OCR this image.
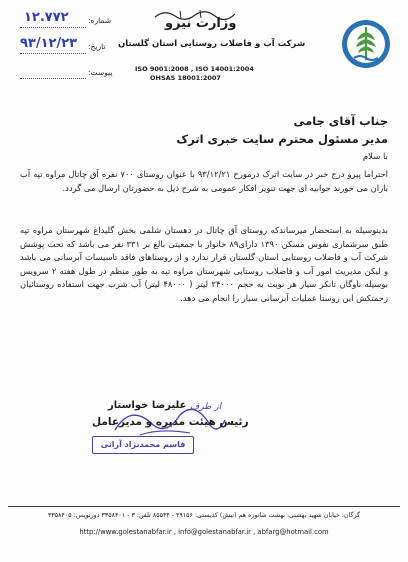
وزارت نیرو
شرکت آب و فاضلاب روستایی استان گلستان
ISO 9001:2008 , ISO 14001:2004
OHSAS 18001:2007
شماره:
۱۲.۷۷۲
تاریخ:
۹۳/۱۲/۲۳
پیوست:
جناب آقای جامی
مدیر مسئول محترم سایت خبری اترک
با سلام
احتراما پیرو درج خبر در سایت اترک درمورخ ۹۳/۱۲/۲۱ با عنوان روستای ۷۰۰ نفره آق چاتال مراوه تپه آب باران می خورند جوابیه ای جهت تنویر افکار عمومی به شرح ذیل به حضورتان ارسال می گردد.
بدینوسیله به استحضار میرساندکه روستای آق چاتال در دهستان شلمی بخش گلیداغ شهرستان مراوه تپه طبق سرشماری نفوس مسکن ۱۳۹۰ دارای۸۹ خانوار با جمعیتی بالغ بر ۳۳۱ نفر می باشد که تحت پوشش شرکت آب و فاضلاب روستایی استان گلستان قرار ندارد و از روستاهای فاقد تاسیسات آبرسانی می باشد و لیکن مدیریت امور آب و فاضلاب روستایی شهرستان مراوه تپه به طور منظم در طول هفته ۲ سرویس بوسیله ناوگان تانکر سیار هر نوبت به حجم ۲۴۰۰۰ لیتر ( ۴۸۰۰۰ لیتر) آب شرب جهت استفاده روستائیان زحمتکش این روستا عملیات آبرسانی سیار را انجام می دهد.
علیرضا خواستار از طرف
رئیس هیئت مدیره و مدیرعامل
قاسم محمدنژاد آرانی
گرگان: خیابان شهید بهشتی، بهشت شاتوره هم (نبش) کدپستی: ۴۹۱۵۶ - ۸۵۵۳۴ تلفن: ۳ - ۳۳۵۸۴۰۱ دورنویس: ۳۳۵۸۴۰۵
http://www.golestanabfar.ir , info@golestanabfar.ir , abfarg@hotmail.com
